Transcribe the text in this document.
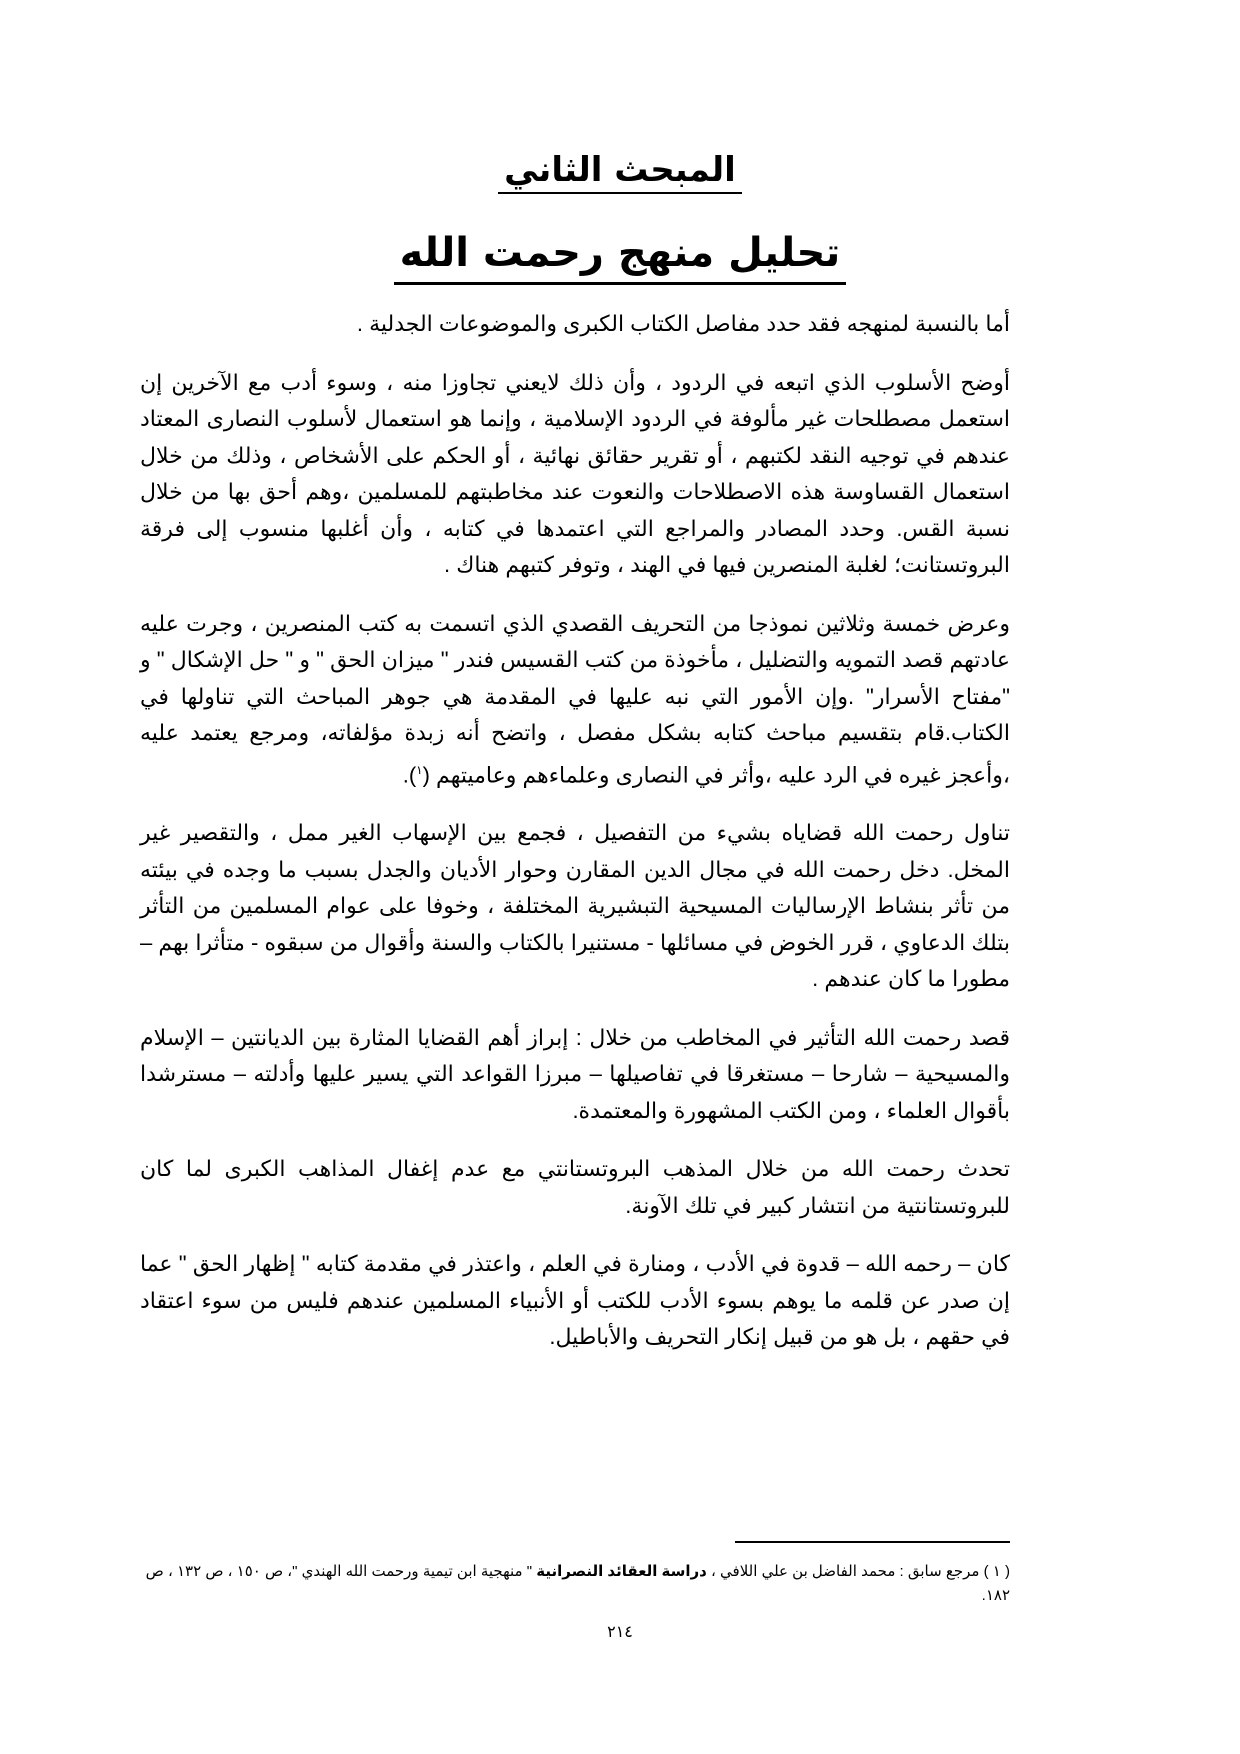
المبحث الثاني
تحليل منهج رحمت الله

أما بالنسبة لمنهجه فقد حدد مفاصل الكتاب الكبرى والموضوعات الجدلية .

أوضح الأسلوب الذي اتبعه في الردود ، وأن ذلك لايعني تجاوزا منه ، وسوء أدب مع الآخرين إن استعمل مصطلحات غير مألوفة في الردود الإسلامية ، وإنما هو استعمال لأسلوب النصارى المعتاد عندهم في توجيه النقد لكتبهم ، أو تقرير حقائق نهائية ، أو الحكم على الأشخاص ، وذلك من خلال استعمال القساوسة هذه الاصطلاحات والنعوت عند مخاطبتهم للمسلمين ،وهم أحق بها من خلال نسبة القس. وحدد المصادر والمراجع التي اعتمدها في كتابه ، وأن أغلبها منسوب إلى فرقة البروتستانت؛ لغلبة المنصرين فيها في الهند ، وتوفر كتبهم هناك .

وعرض خمسة وثلاثين نموذجا من التحريف القصدي الذي اتسمت به كتب المنصرين ، وجرت عليه عادتهم قصد التمويه والتضليل ، مأخوذة من كتب القسيس فندر " ميزان الحق " و " حل الإشكال " و "مفتاح الأسرار" .وإن الأمور التي نبه عليها في المقدمة هي جوهر المباحث التي تناولها في الكتاب.قام بتقسيم مباحث كتابه بشكل مفصل ، واتضح أنه زبدة مؤلفاته، ومرجع يعتمد عليه ،وأعجز غيره في الرد عليه ،وأثر في النصارى وعلماءهم وعاميتهم ($^١$).

تناول رحمت الله قضاياه بشيء من التفصيل ، فجمع بين الإسهاب الغير ممل ، والتقصير غير المخل. دخل رحمت الله في مجال الدين المقارن وحوار الأديان والجدل بسبب ما وجده في بيئته من تأثر بنشاط الإرساليات المسيحية التبشيرية المختلفة ، وخوفا على عوام المسلمين من التأثر بتلك الدعاوي ، قرر الخوض في مسائلها - مستنيرا بالكتاب والسنة وأقوال من سبقوه - متأثرا بهم – مطورا ما كان عندهم .

قصد رحمت الله التأثير في المخاطب من خلال : إبراز أهم القضايا المثارة بين الديانتين – الإسلام والمسيحية – شارحا – مستغرقا في تفاصيلها – مبرزا القواعد التي يسير عليها وأدلته – مسترشدا بأقوال العلماء ، ومن الكتب المشهورة والمعتمدة.

تحدث رحمت الله من خلال المذهب البروتستانتي مع عدم إغفال المذاهب الكبرى لما كان للبروتستانتية من انتشار كبير في تلك الآونة.

كان – رحمه الله – قدوة في الأدب ، ومنارة في العلم ، واعتذر في مقدمة كتابه " إظهار الحق " عما إن صدر عن قلمه ما يوهم بسوء الأدب للكتب أو الأنبياء المسلمين عندهم فليس من سوء اعتقاد في حقهم ، بل هو من قبيل إنكار التحريف والأباطيل.

( ١ ) مرجع سابق : محمد الفاضل بن علي اللافي ، دراسة العقائد النصرانية " منهجية ابن تيمية ورحمت الله الهندي "، ص ١٥٠ ، ص ١٣٢ ، ص ١٨٢.
٢١٤
